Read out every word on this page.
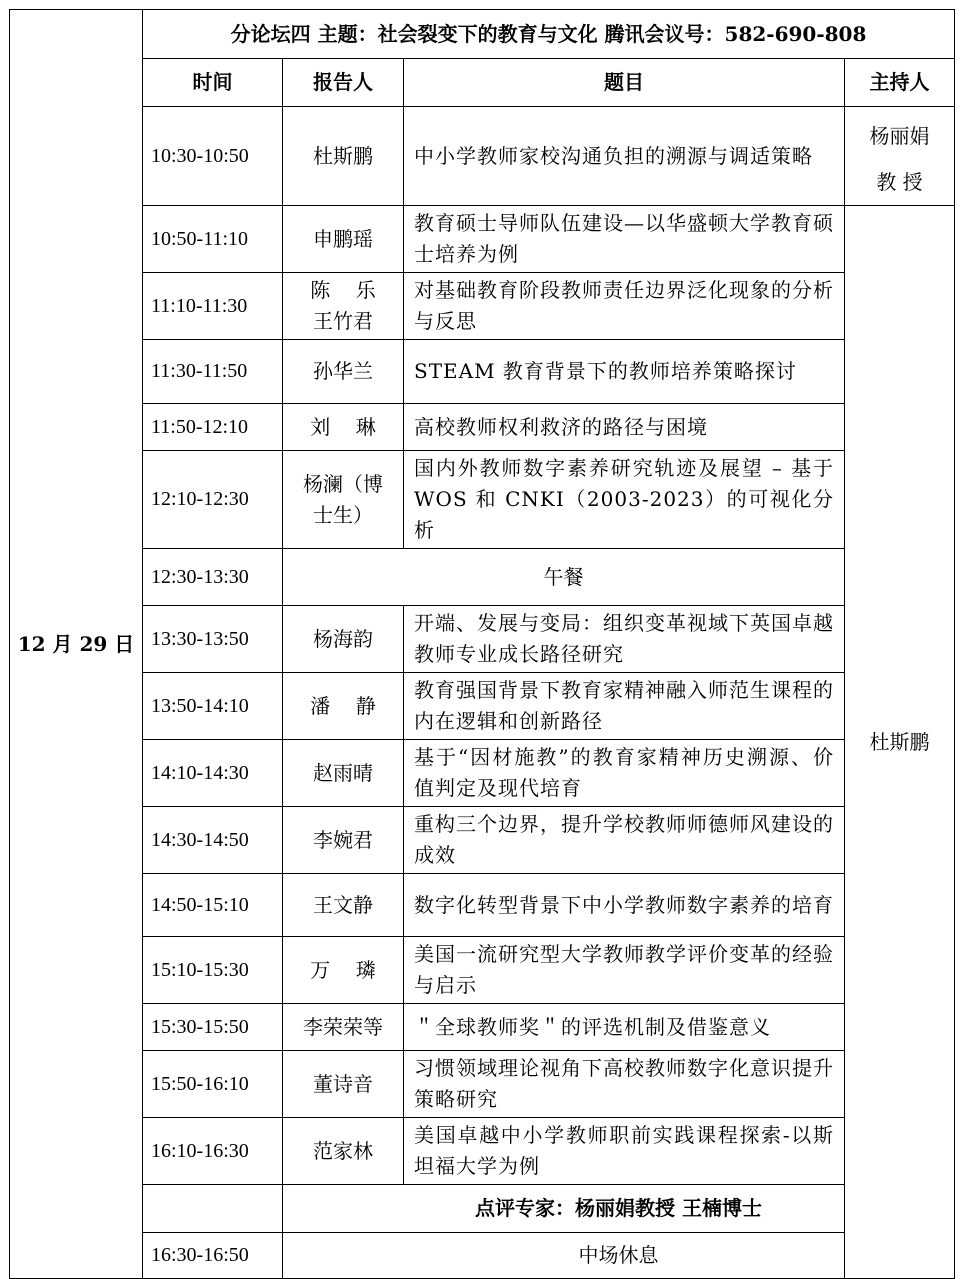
12 月 29 日	分论坛四 主题：社会裂变下的教育与文化 腾讯会议号：582-690-808			
	时间	报告人	题目	主持人
	10:30-10:50	杜斯鹏	中小学教师家校沟通负担的溯源与调适策略	杨丽娟
教 授
	10:50-11:10	申鹏瑶	教育硕士导师队伍建设—以华盛顿大学教育硕士培养为例	杜斯鹏
	11:10-11:30	陈    乐
王竹君	对基础教育阶段教师责任边界泛化现象的分析与反思	
	11:30-11:50	孙华兰	STEAM 教育背景下的教师培养策略探讨	
	11:50-12:10	刘    琳	高校教师权利救济的路径与困境	
	12:10-12:30	杨澜（博
士生）	国内外教师数字素养研究轨迹及展望 – 基于 WOS 和 CNKI（2003-2023）的可视化分析	
	12:30-13:30	午餐		
	13:30-13:50	杨海韵	开端、发展与变局：组织变革视域下英国卓越教师专业成长路径研究	
	13:50-14:10	潘    静	教育强国背景下教育家精神融入师范生课程的内在逻辑和创新路径	
	14:10-14:30	赵雨晴	基于“因材施教”的教育家精神历史溯源、价值判定及现代培育	
	14:30-14:50	李婉君	重构三个边界，提升学校教师师德师风建设的成效	
	14:50-15:10	王文静	数字化转型背景下中小学教师数字素养的培育	
	15:10-15:30	万    璘	美国一流研究型大学教师教学评价变革的经验与启示	
	15:30-15:50	李荣荣等	＂全球教师奖＂的评选机制及借鉴意义	
	15:50-16:10	董诗音	习惯领域理论视角下高校教师数字化意识提升策略研究	
	16:10-16:30	范家林	美国卓越中小学教师职前实践课程探索-以斯坦福大学为例	
		点评专家：杨丽娟教授 王楠博士		
	16:30-16:50	中场休息		
